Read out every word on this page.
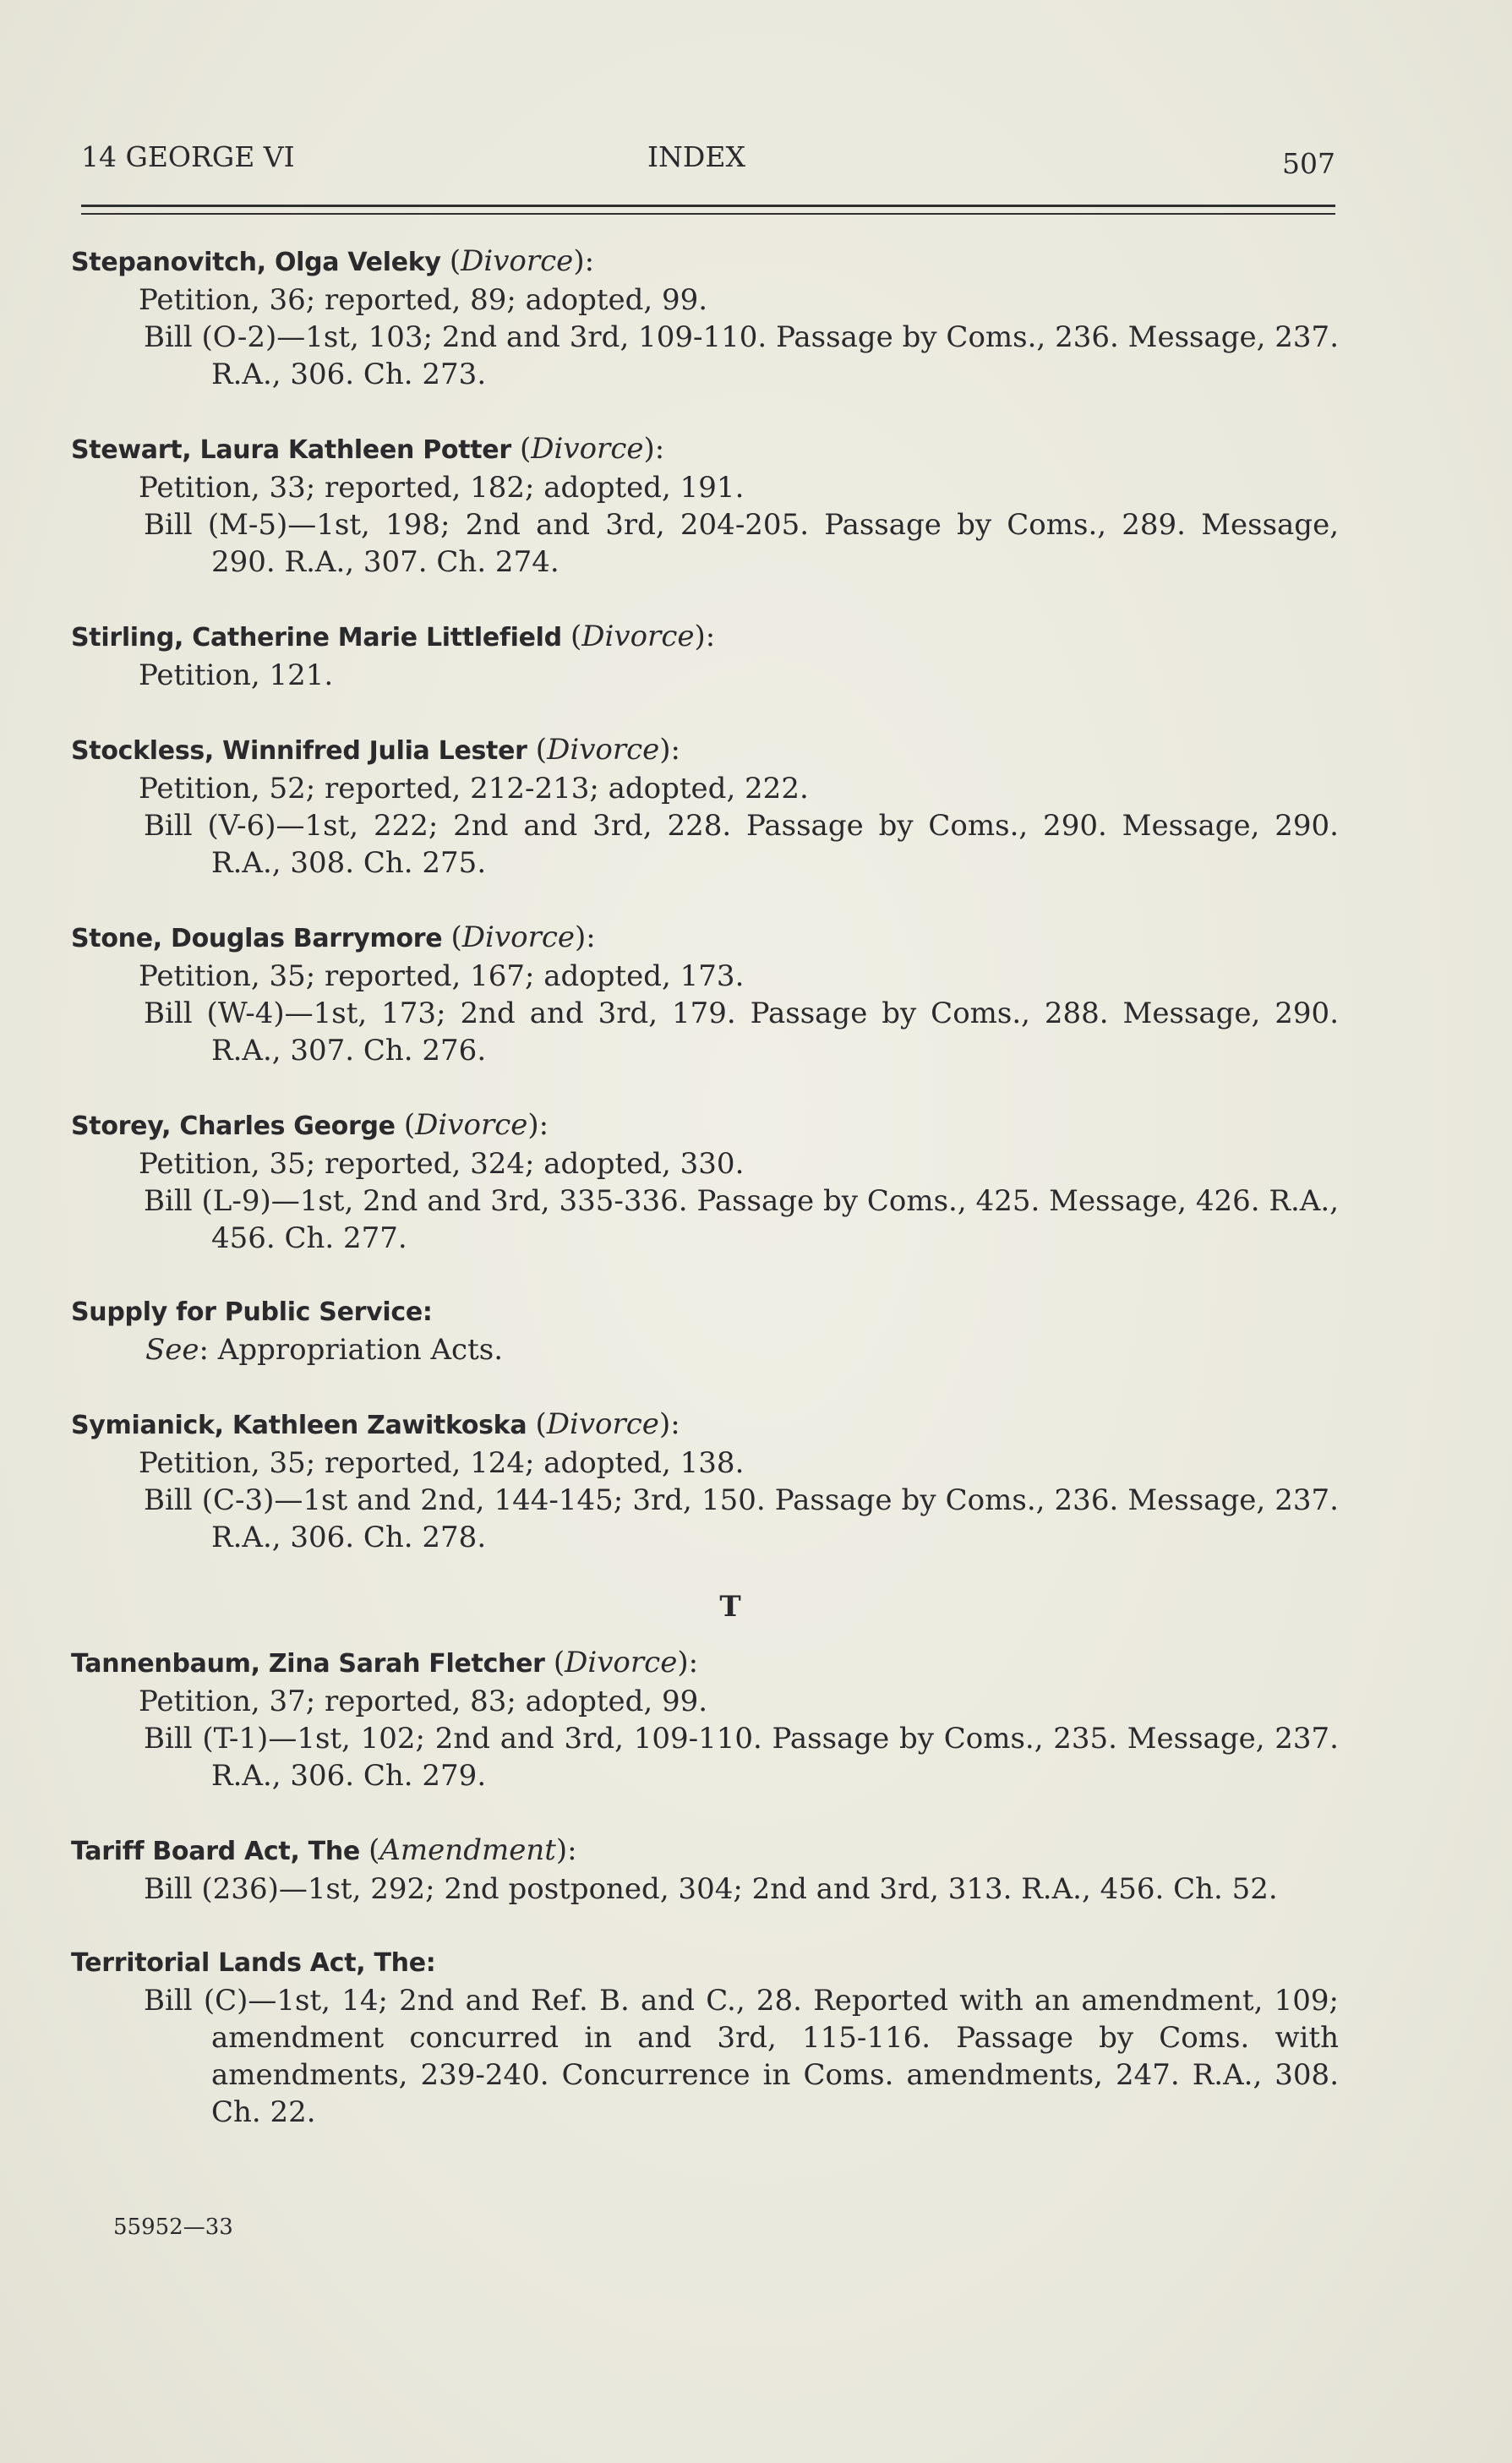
14 GEORGE VI	INDEX	507
Stepanovitch, Olga Veleky (Divorce):
Petition, 36; reported, 89; adopted, 99.
Bill (O-2)—1st, 103; 2nd and 3rd, 109-110. Passage by Coms., 236. Message, 237. R.A., 306. Ch. 273.
Stewart, Laura Kathleen Potter (Divorce):
Petition, 33; reported, 182; adopted, 191.
Bill (M-5)—1st, 198; 2nd and 3rd, 204-205. Passage by Coms., 289. Message, 290. R.A., 307. Ch. 274.
Stirling, Catherine Marie Littlefield (Divorce):
Petition, 121.
Stockless, Winnifred Julia Lester (Divorce):
Petition, 52; reported, 212-213; adopted, 222.
Bill (V-6)—1st, 222; 2nd and 3rd, 228. Passage by Coms., 290. Message, 290. R.A., 308. Ch. 275.
Stone, Douglas Barrymore (Divorce):
Petition, 35; reported, 167; adopted, 173.
Bill (W-4)—1st, 173; 2nd and 3rd, 179. Passage by Coms., 288. Message, 290. R.A., 307. Ch. 276.
Storey, Charles George (Divorce):
Petition, 35; reported, 324; adopted, 330.
Bill (L-9)—1st, 2nd and 3rd, 335-336. Passage by Coms., 425. Message, 426. R.A., 456. Ch. 277.
Supply for Public Service:
See: Appropriation Acts.
Symianick, Kathleen Zawitkoska (Divorce):
Petition, 35; reported, 124; adopted, 138.
Bill (C-3)—1st and 2nd, 144-145; 3rd, 150. Passage by Coms., 236. Message, 237. R.A., 306. Ch. 278.
T
Tannenbaum, Zina Sarah Fletcher (Divorce):
Petition, 37; reported, 83; adopted, 99.
Bill (T-1)—1st, 102; 2nd and 3rd, 109-110. Passage by Coms., 235. Message, 237. R.A., 306. Ch. 279.
Tariff Board Act, The (Amendment):
Bill (236)—1st, 292; 2nd postponed, 304; 2nd and 3rd, 313. R.A., 456. Ch. 52.
Territorial Lands Act, The:
Bill (C)—1st, 14; 2nd and Ref. B. and C., 28. Reported with an amendment, 109; amendment concurred in and 3rd, 115-116. Passage by Coms. with amendments, 239-240. Concurrence in Coms. amendments, 247. R.A., 308. Ch. 22.
55952—33
